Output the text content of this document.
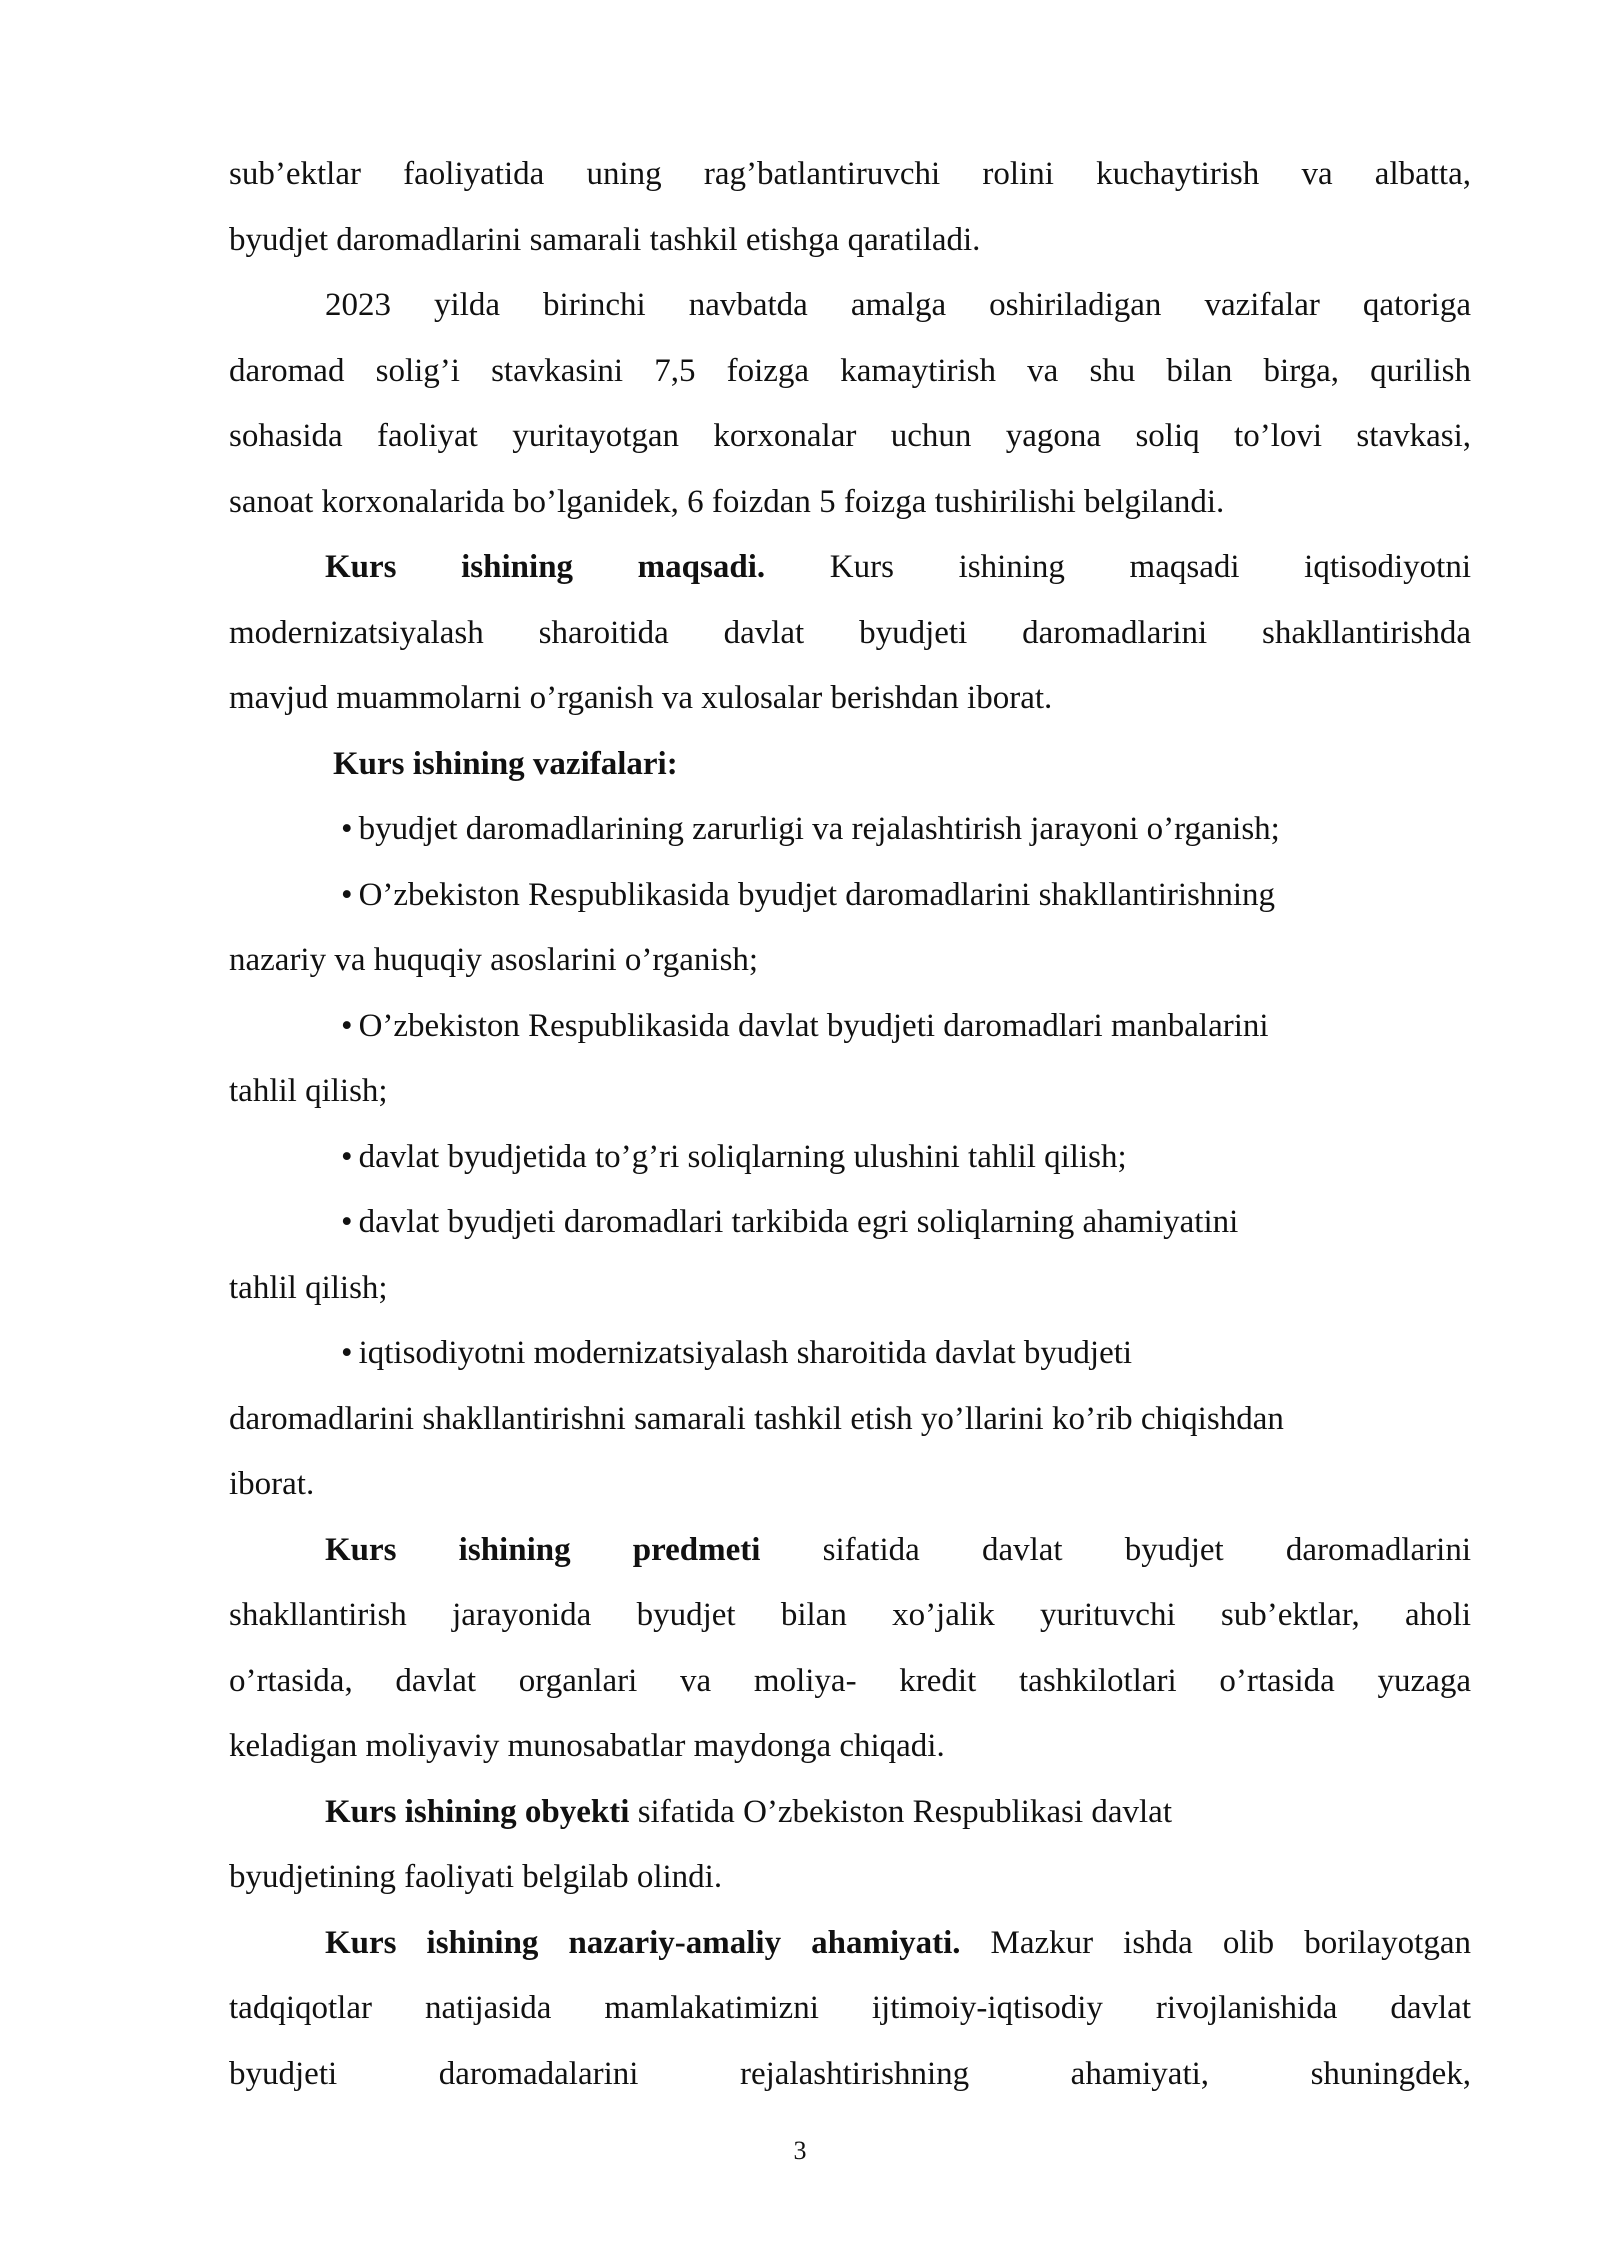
sub’ektlar faoliyatida uning rag’batlantiruvchi rolini kuchaytirish va albatta,

byudjet daromadlarini samarali tashkil etishga qaratiladi.

2023 yilda birinchi navbatda amalga oshiriladigan vazifalar qatoriga

daromad solig’i stavkasini 7,5 foizga kamaytirish va shu bilan birga, qurilish

sohasida faoliyat yuritayotgan korxonalar uchun yagona soliq to’lovi stavkasi,

sanoat korxonalarida bo’lganidek, 6 foizdan 5 foizga tushirilishi belgilandi.

Kurs ishining maqsadi. Kurs ishining maqsadi iqtisodiyotni

modernizatsiyalash sharoitida davlat byudjeti daromadlarini shakllantirishda

mavjud muammolarni o’rganish va xulosalar berishdan iborat.

Kurs ishining vazifalari:

• byudjet daromadlarining zarurligi va rejalashtirish jarayoni o’rganish;

• O’zbekiston Respublikasida byudjet daromadlarini shakllantirishning

nazariy va huquqiy asoslarini o’rganish;

• O’zbekiston Respublikasida davlat byudjeti daromadlari manbalarini

tahlil qilish;

• davlat byudjetida to’g’ri soliqlarning ulushini tahlil qilish;

• davlat byudjeti daromadlari tarkibida egri soliqlarning ahamiyatini

tahlil qilish;

• iqtisodiyotni modernizatsiyalash sharoitida davlat byudjeti

daromadlarini shakllantirishni samarali tashkil etish yo’llarini ko’rib chiqishdan

iborat.

Kurs ishining predmeti sifatida davlat byudjet daromadlarini

shakllantirish jarayonida byudjet bilan xo’jalik yurituvchi sub’ektlar, aholi

o’rtasida, davlat organlari va moliya- kredit tashkilotlari o’rtasida yuzaga

keladigan moliyaviy munosabatlar maydonga chiqadi.

Kurs ishining obyekti sifatida O’zbekiston Respublikasi davlat

byudjetining faoliyati belgilab olindi.

Kurs ishining nazariy-amaliy ahamiyati. Mazkur ishda olib borilayotgan

tadqiqotlar natijasida mamlakatimizni ijtimoiy-iqtisodiy rivojlanishida davlat

byudjeti daromadalarini rejalashtirishning ahamiyati, shuningdek,

3
